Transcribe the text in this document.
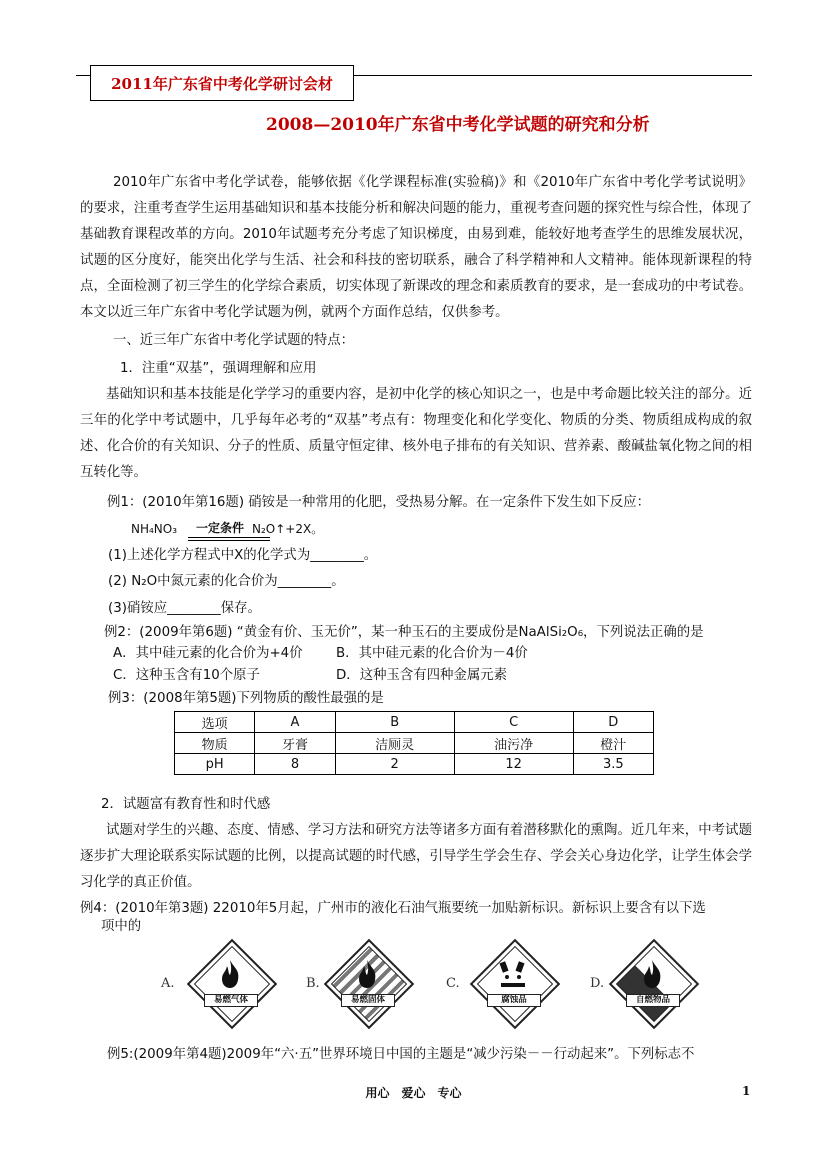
2011年广东省中考化学研讨会材
2008—2010年广东省中考化学试题的研究和分析
2010年广东省中考化学试卷，能够依据《化学课程标准(实验稿)》和《2010年广东省中考化学考试说明》的要求，注重考查学生运用基础知识和基本技能分析和解决问题的能力，重视考查问题的探究性与综合性，体现了基础教育课程改革的方向。2010年试题考充分考虑了知识梯度，由易到难，能较好地考查学生的思维发展状况，试题的区分度好，能突出化学与生活、社会和科技的密切联系，融合了科学精神和人文精神。能体现新课程的特点，全面检测了初三学生的化学综合素质，切实体现了新课改的理念和素质教育的要求，是一套成功的中考试卷。本文以近三年广东省中考化学试题为例，就两个方面作总结，仅供参考。
一、近三年广东省中考化学试题的特点：
1．注重“双基”，强调理解和应用
基础知识和基本技能是化学学习的重要内容，是初中化学的核心知识之一，也是中考命题比较关注的部分。近三年的化学中考试题中，几乎每年必考的“双基”考点有：物理变化和化学变化、物质的分类、物质组成构成的叙述、化合价的有关知识、分子的性质、质量守恒定律、核外电子排布的有关知识、营养素、酸碱盐氧化物之间的相互转化等。
例1：(2010年第16题) 硝铵是一种常用的化肥，受热易分解。在一定条件下发生如下反应：
NH₄NO₃ 一定条件 N₂O↑+2X。
(1)上述化学方程式中X的化学式为________。
(2) N₂O中氮元素的化合价为________。
(3)硝铵应________保存。
例2：(2009年第6题) “黄金有价、玉无价”，某一种玉石的主要成份是NaAlSi₂O₆，下列说法正确的是
A．其中硅元素的化合价为+4价 B．其中硅元素的化合价为－4价
C．这种玉含有10个原子	D．这种玉含有四种金属元素
例3：(2008年第5题)下列物质的酸性最强的是
选项	A	B	C	D
物质	牙膏	洁厕灵	油污净	橙汁
pH	8	2	12	3.5
2．试题富有教育性和时代感
试题对学生的兴趣、态度、情感、学习方法和研究方法等诸多方面有着潜移默化的熏陶。近几年来，中考试题逐步扩大理论联系实际试题的比例，以提高试题的时代感，引导学生学会生存、学会关心身边化学，让学生体会学习化学的真正价值。
例4：(2010年第3题) 22010年5月起，广州市的液化石油气瓶要统一加贴新标识。新标识上要含有以下选
项中的
A.
易燃气体
B.
易燃固体
C.
腐蚀品
D.
自燃物品
例5:(2009年第4题)2009年“六·五”世界环境日中国的主题是“减少污染－－行动起来”。下列标志不
用心　爱心　专心	1
